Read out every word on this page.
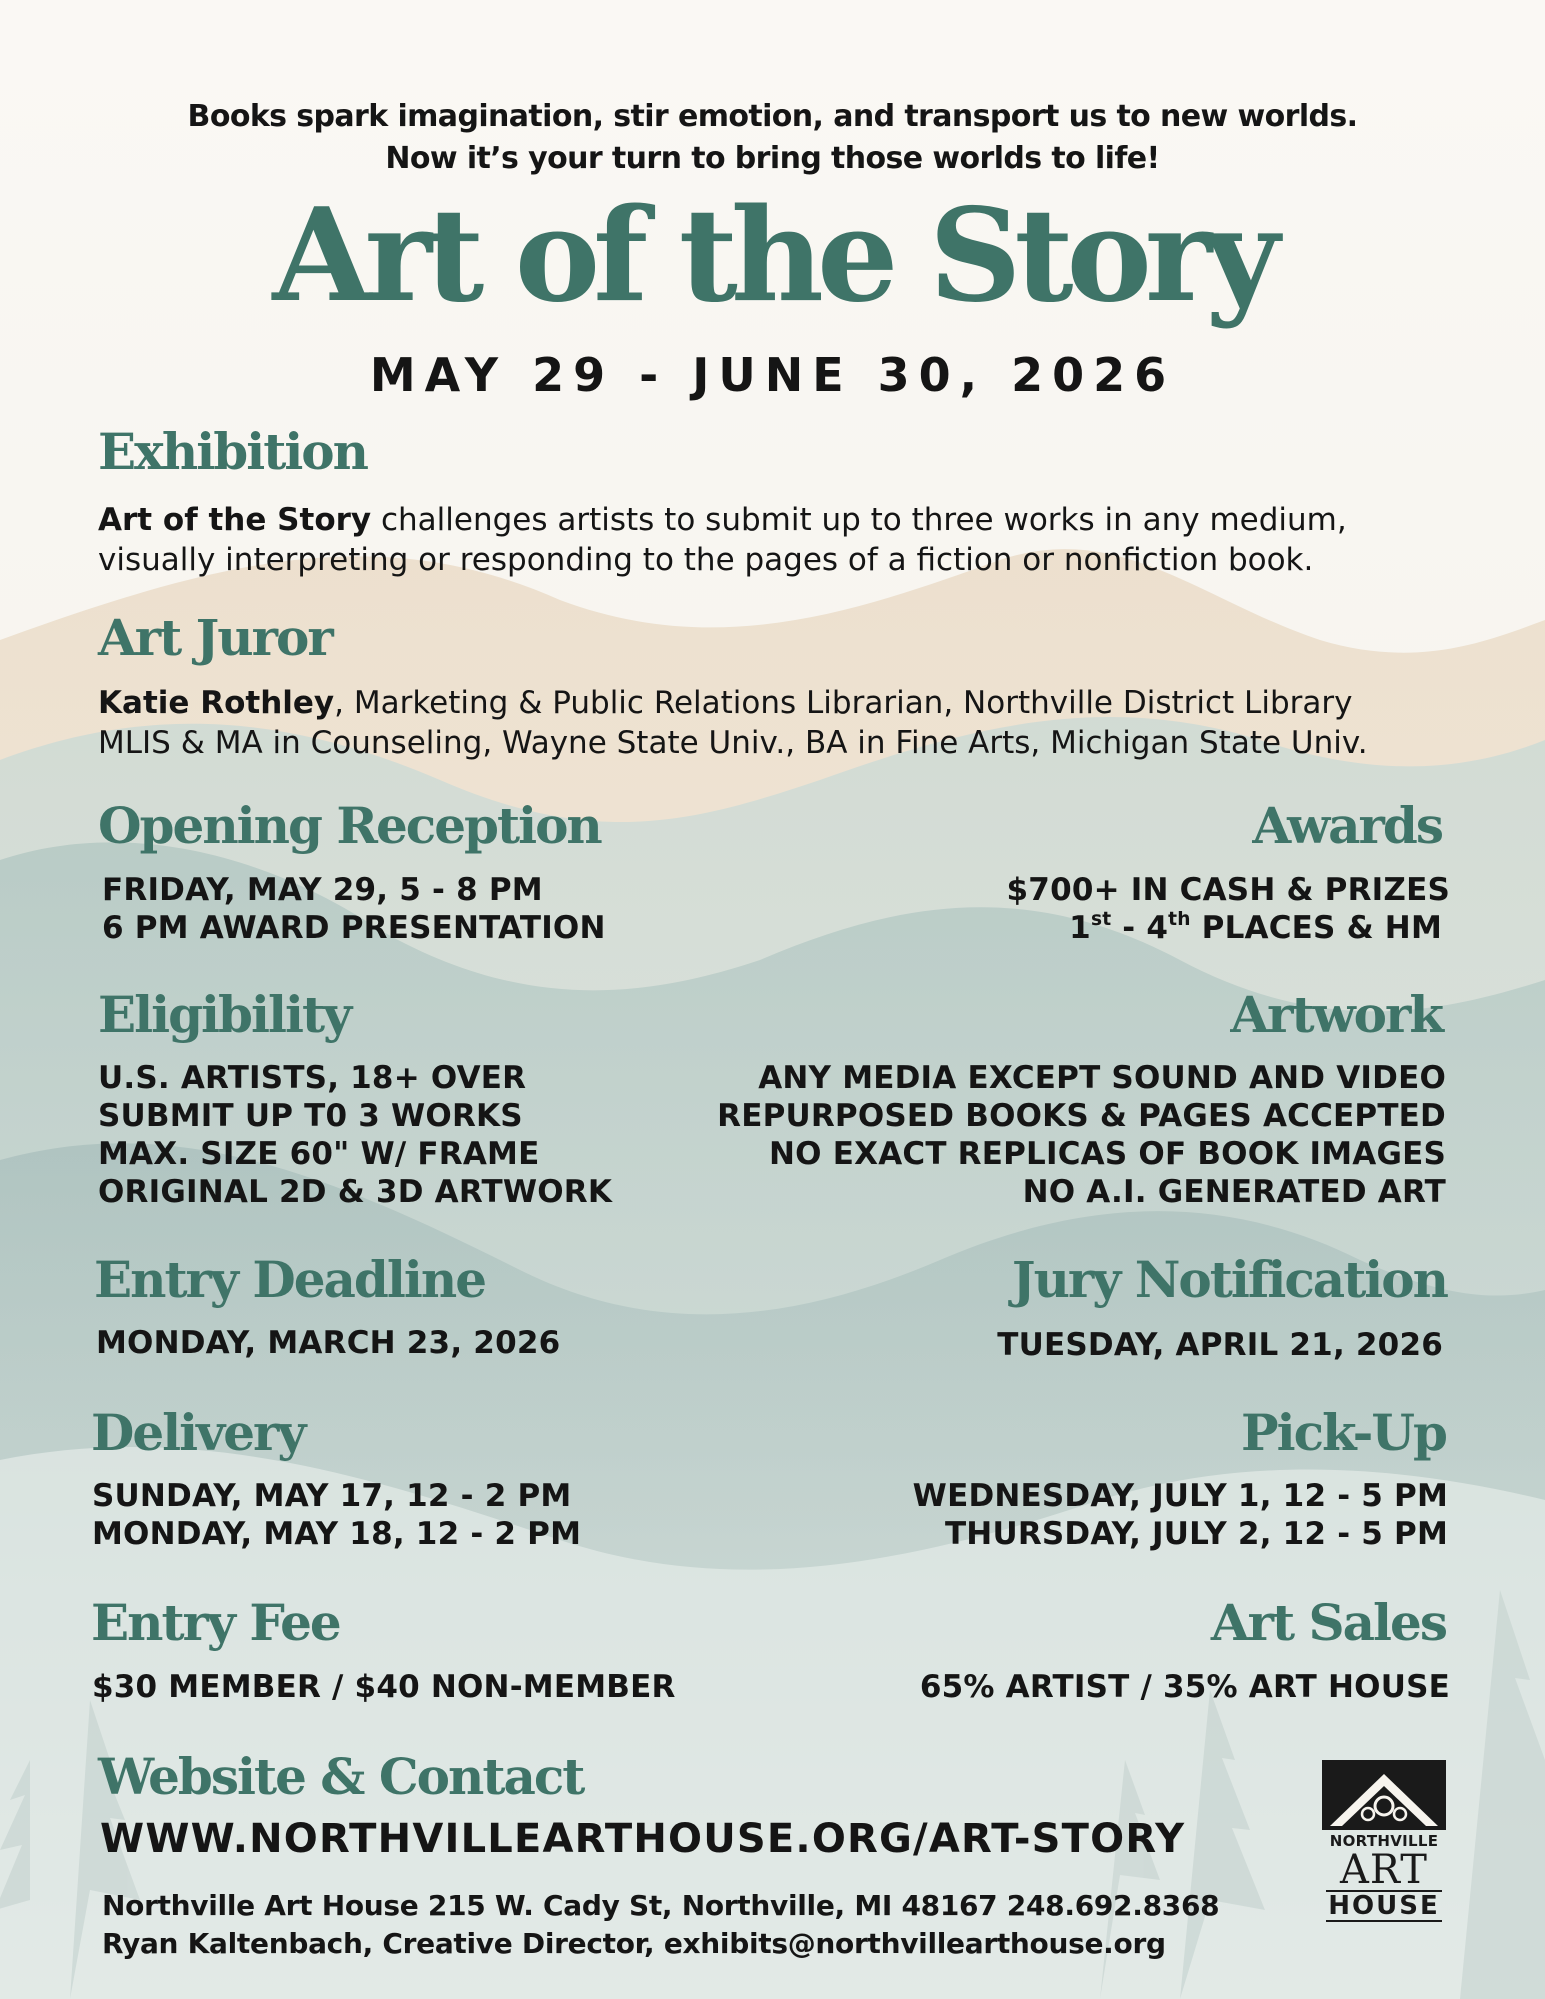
Books spark imagination, stir emotion, and transport us to new worlds.
Now it’s your turn to bring those worlds to life!
Art of the Story
MAY 29 - JUNE 30, 2026
Exhibition
Art of the Story challenges artists to submit up to three works in any medium,
visually interpreting or responding to the pages of a fiction or nonfiction book.
Art Juror
Katie Rothley, Marketing & Public Relations Librarian, Northville District Library
MLIS & MA in Counseling, Wayne State Univ., BA in Fine Arts, Michigan State Univ.
Opening Reception
FRIDAY, MAY 29, 5 - 8 PM
6 PM AWARD PRESENTATION
Awards
$700+ IN CASH & PRIZES
1st - 4th PLACES & HM
Eligibility
U.S. ARTISTS, 18+ OVER
SUBMIT UP T0 3 WORKS
MAX. SIZE 60" W/ FRAME
ORIGINAL 2D & 3D ARTWORK
Artwork
ANY MEDIA EXCEPT SOUND AND VIDEO
REPURPOSED BOOKS & PAGES ACCEPTED
NO EXACT REPLICAS OF BOOK IMAGES
NO A.I. GENERATED ART
Entry Deadline
MONDAY, MARCH 23, 2026
Jury Notification
TUESDAY, APRIL 21, 2026
Delivery
SUNDAY, MAY 17, 12 - 2 PM
MONDAY, MAY 18, 12 - 2 PM
Pick-Up
WEDNESDAY, JULY 1, 12 - 5 PM
THURSDAY, JULY 2, 12 - 5 PM
Entry Fee
$30 MEMBER / $40 NON-MEMBER
Art Sales
65% ARTIST / 35% ART HOUSE
Website & Contact
WWW.NORTHVILLEARTHOUSE.ORG/ART-STORY
Northville Art House 215 W. Cady St, Northville, MI 48167 248.692.8368
Ryan Kaltenbach, Creative Director, exhibits@northvillearthouse.org
NORTHVILLE
ART
HOUSE
